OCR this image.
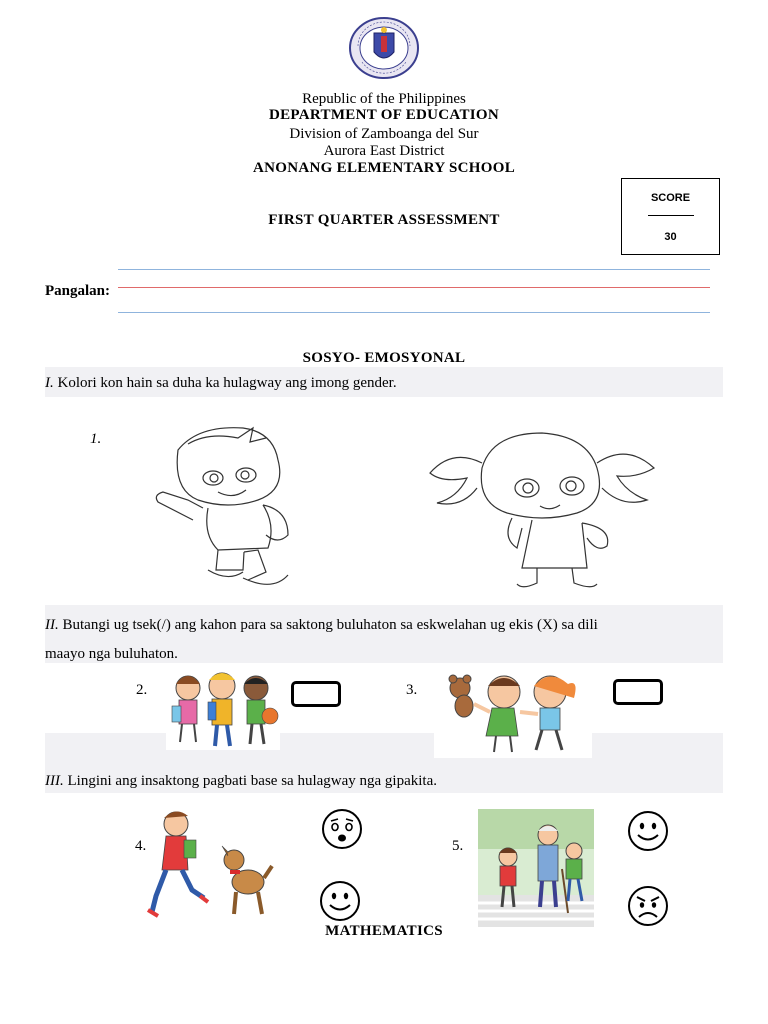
Republic of the Philippines
DEPARTMENT OF EDUCATION
Division of Zamboanga del Sur
Aurora East District
ANONANG ELEMENTARY SCHOOL
FIRST QUARTER ASSESSMENT
SCORE
30
Pangalan:
SOSYO- EMOSYONAL
I. Kolori kon hain sa duha ka hulagway ang imong gender.
1.
II. Butangi ug tsek(/) ang kahon para sa saktong buluhaton sa eskwelahan ug ekis (X) sa dili
maayo nga buluhaton.
2.	3.
III. Lingini ang insaktong pagbati base sa hulagway nga gipakita.
4.	5.
MATHEMATICS
